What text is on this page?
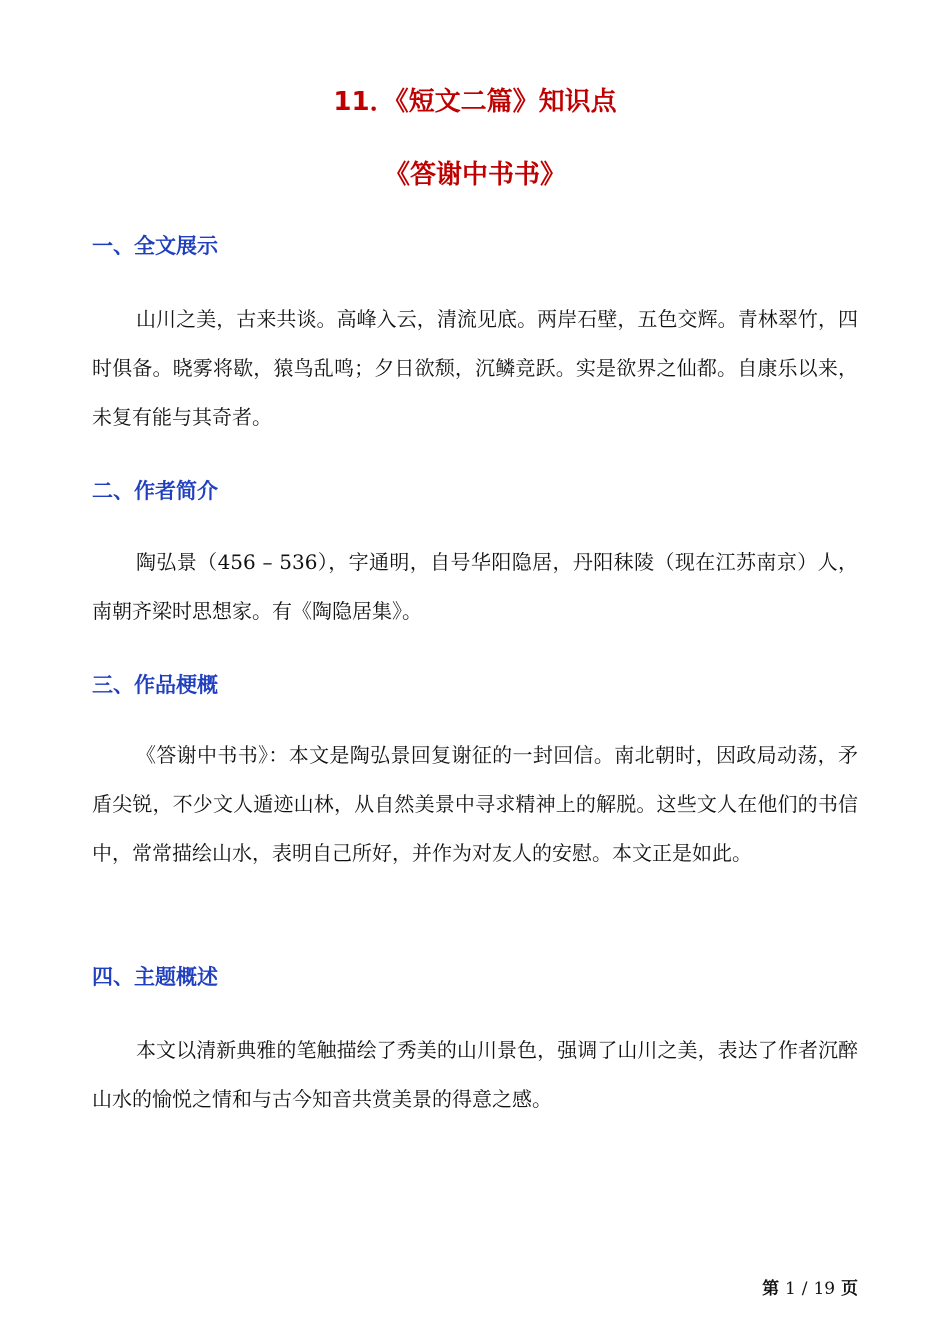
11．《短文二篇》知识点
《答谢中书书》
一、全文展示

山川之美，古来共谈。高峰入云，清流见底。两岸石壁，五色交辉。青林翠竹，四时俱备。晓雾将歇，猿鸟乱鸣；夕日欲颓，沉鳞竞跃。实是欲界之仙都。自康乐以来，未复有能与其奇者。

二、作者简介

陶弘景（456 – 536），字通明，自号华阳隐居，丹阳秣陵（现在江苏南京）人，南朝齐梁时思想家。有《陶隐居集》。

三、作品梗概

《答谢中书书》：本文是陶弘景回复谢征的一封回信。南北朝时，因政局动荡，矛盾尖锐，不少文人遁迹山林，从自然美景中寻求精神上的解脱。这些文人在他们的书信中，常常描绘山水，表明自己所好，并作为对友人的安慰。本文正是如此。

四、主题概述

本文以清新典雅的笔触描绘了秀美的山川景色，强调了山川之美，表达了作者沉醉山水的愉悦之情和与古今知音共赏美景的得意之感。

第 1 / 19 页
